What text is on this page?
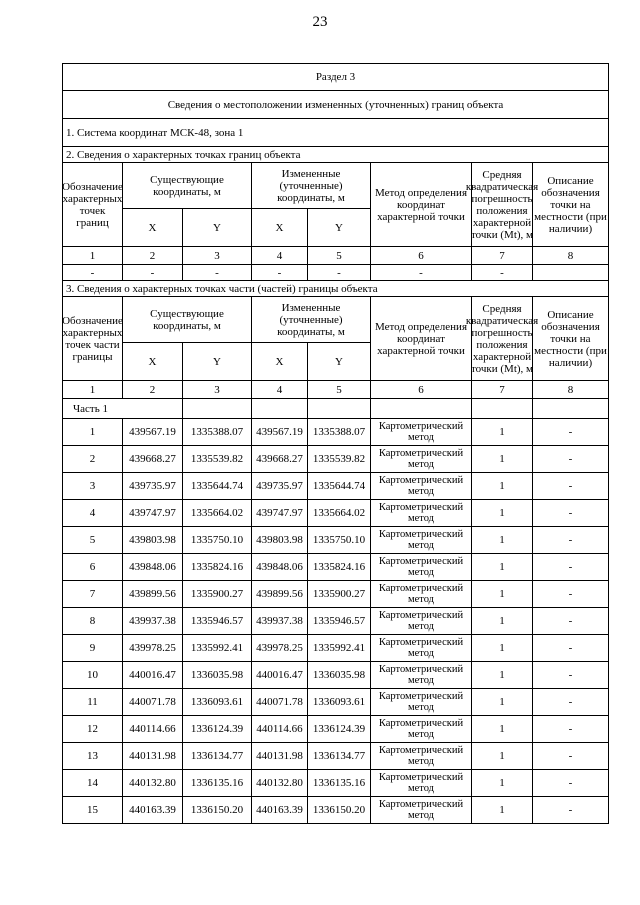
23
Раздел 3							
Сведения о местоположении измененных (уточненных) границ объекта							
1. Система координат МСК-48, зона 1							
2. Сведения о характерных точках границ объекта							

Обозначение характерных точек границ	Существующие координаты, м		Измененные (уточненные) координаты, м		Метод определения координат характерной точки	Средняя квадратическая погрешность положения характерной точки (Mt), м	Описание обозначения точки на местности (при наличии)
	X	Y	X	Y			
1	2	3	4	5	6	7	8
-	-	-	-	-	-	-	
3. Сведения о характерных точках части (частей) границы объекта							

Обозначение характерных точек части границы	Существующие координаты, м		Измененные (уточненные) координаты, м		Метод определения координат характерной точки	Средняя квадратическая погрешность положения характерной точки (Mt), м	Описание обозначения точки на местности (при наличии)
	X	Y	X	Y			
1	2	3	4	5	6	7	8
Часть 1							
1	439567.19	1335388.07	439567.19	1335388.07	Картометрический метод	1	-
2	439668.27	1335539.82	439668.27	1335539.82	Картометрический метод	1	-
3	439735.97	1335644.74	439735.97	1335644.74	Картометрический метод	1	-
4	439747.97	1335664.02	439747.97	1335664.02	Картометрический метод	1	-
5	439803.98	1335750.10	439803.98	1335750.10	Картометрический метод	1	-
6	439848.06	1335824.16	439848.06	1335824.16	Картометрический метод	1	-
7	439899.56	1335900.27	439899.56	1335900.27	Картометрический метод	1	-
8	439937.38	1335946.57	439937.38	1335946.57	Картометрический метод	1	-
9	439978.25	1335992.41	439978.25	1335992.41	Картометрический метод	1	-
10	440016.47	1336035.98	440016.47	1336035.98	Картометрический метод	1	-
11	440071.78	1336093.61	440071.78	1336093.61	Картометрический метод	1	-
12	440114.66	1336124.39	440114.66	1336124.39	Картометрический метод	1	-
13	440131.98	1336134.77	440131.98	1336134.77	Картометрический метод	1	-
14	440132.80	1336135.16	440132.80	1336135.16	Картометрический метод	1	-
15	440163.39	1336150.20	440163.39	1336150.20	Картометрический метод	1	-
